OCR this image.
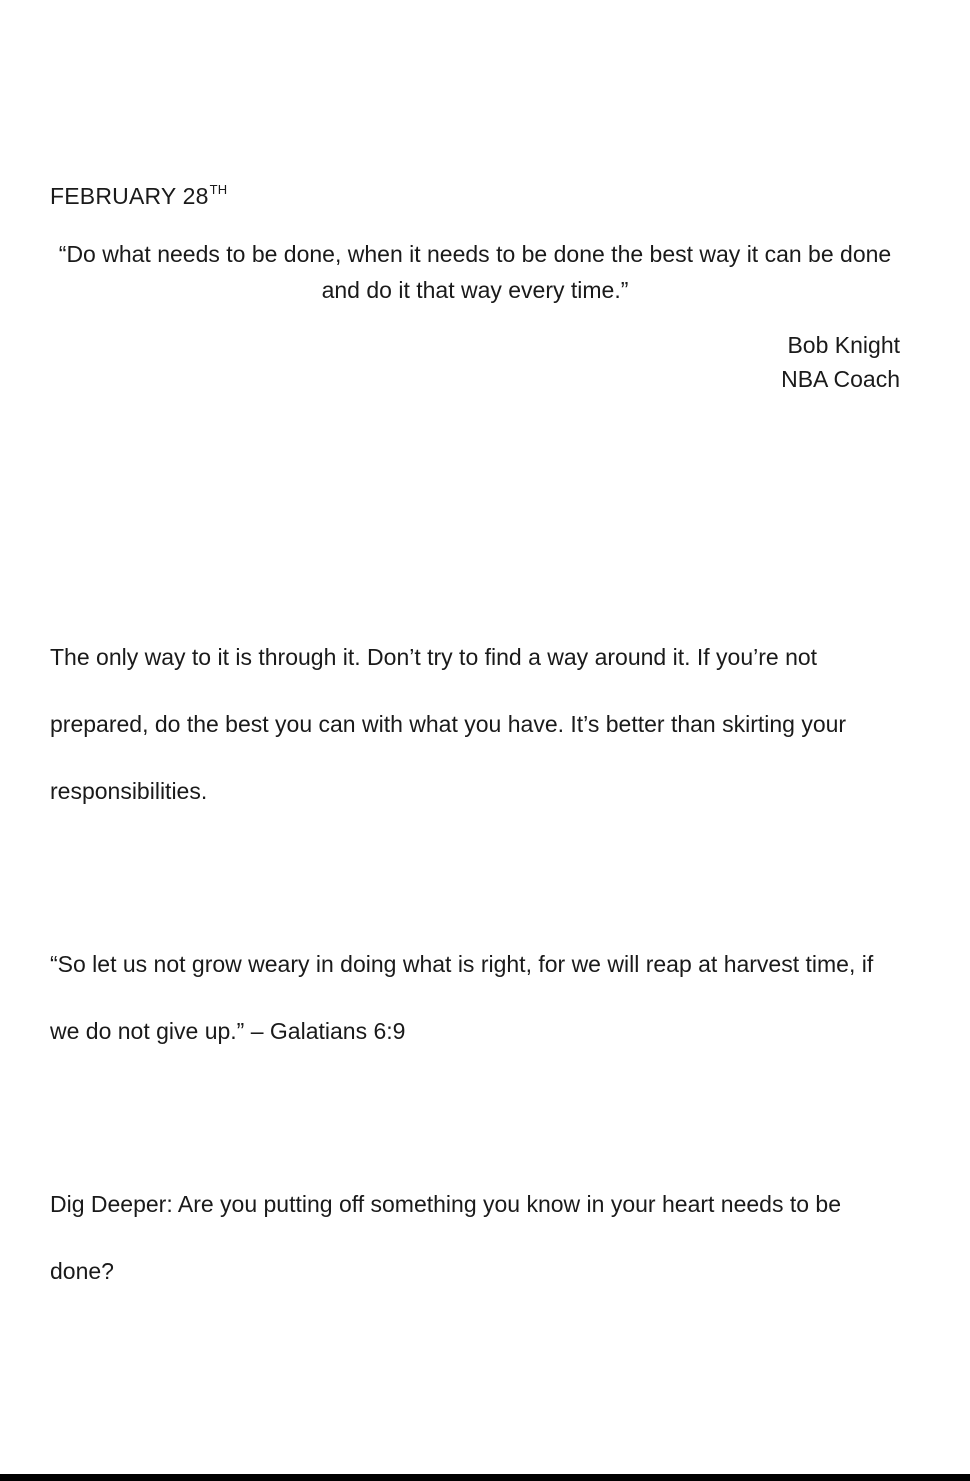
FEBRUARY 28TH

“Do what needs to be done, when it needs to be done the best way it can be done and do it that way every time.”

Bob Knight
NBA Coach

The only way to it is through it. Don’t try to find a way around it. If you’re not prepared, do the best you can with what you have. It’s better than skirting your responsibilities.

“So let us not grow weary in doing what is right, for we will reap at harvest time, if we do not give up.” – Galatians 6:9

Dig Deeper: Are you putting off something you know in your heart needs to be done?
